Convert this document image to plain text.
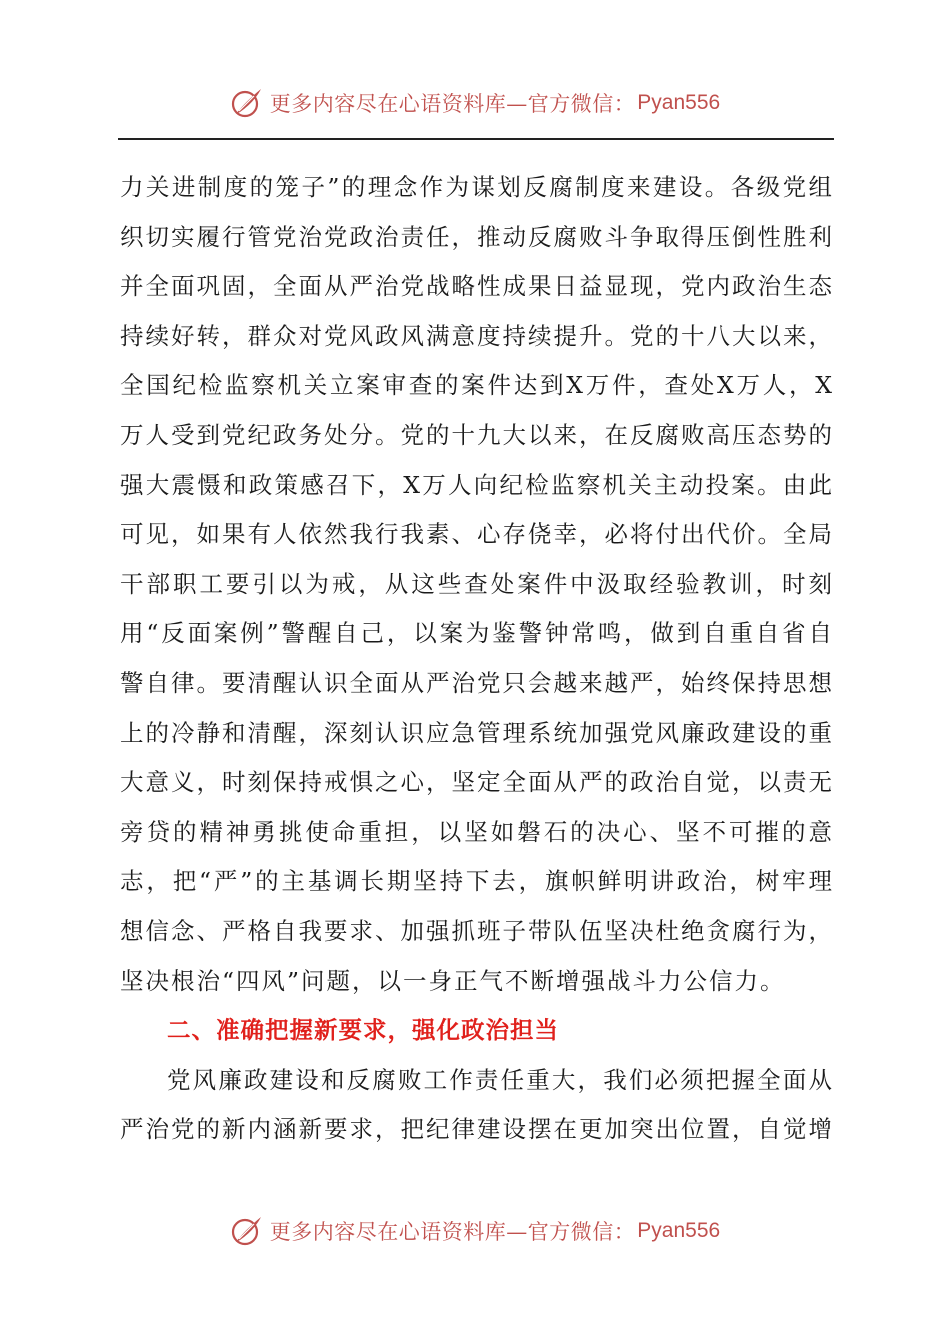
更多内容尽在心语资料库—官方微信： Pyan556

力关进制度的笼子”的理念作为谋划反腐制度来建设。各级党组织切实履行管党治党政治责任，推动反腐败斗争取得压倒性胜利并全面巩固，全面从严治党战略性成果日益显现，党内政治生态持续好转，群众对党风政风满意度持续提升。党的十八大以来，全国纪检监察机关立案审查的案件达到X万件，查处X万人，X万人受到党纪政务处分。党的十九大以来，在反腐败高压态势的强大震慑和政策感召下，X万人向纪检监察机关主动投案。由此可见，如果有人依然我行我素、心存侥幸，必将付出代价。全局干部职工要引以为戒，从这些查处案件中汲取经验教训，时刻用“反面案例”警醒自己，以案为鉴警钟常鸣，做到自重自省自警自律。要清醒认识全面从严治党只会越来越严，始终保持思想上的冷静和清醒，深刻认识应急管理系统加强党风廉政建设的重大意义，时刻保持戒惧之心，坚定全面从严的政治自觉，以责无旁贷的精神勇挑使命重担，以坚如磐石的决心、坚不可摧的意志，把“严”的主基调长期坚持下去，旗帜鲜明讲政治，树牢理想信念、严格自我要求、加强抓班子带队伍坚决杜绝贪腐行为，坚决根治“四风”问题，以一身正气不断增强战斗力公信力。

二、准确把握新要求，强化政治担当

党风廉政建设和反腐败工作责任重大，我们必须把握全面从严治党的新内涵新要求，把纪律建设摆在更加突出位置，自觉增

更多内容尽在心语资料库—官方微信： Pyan556
